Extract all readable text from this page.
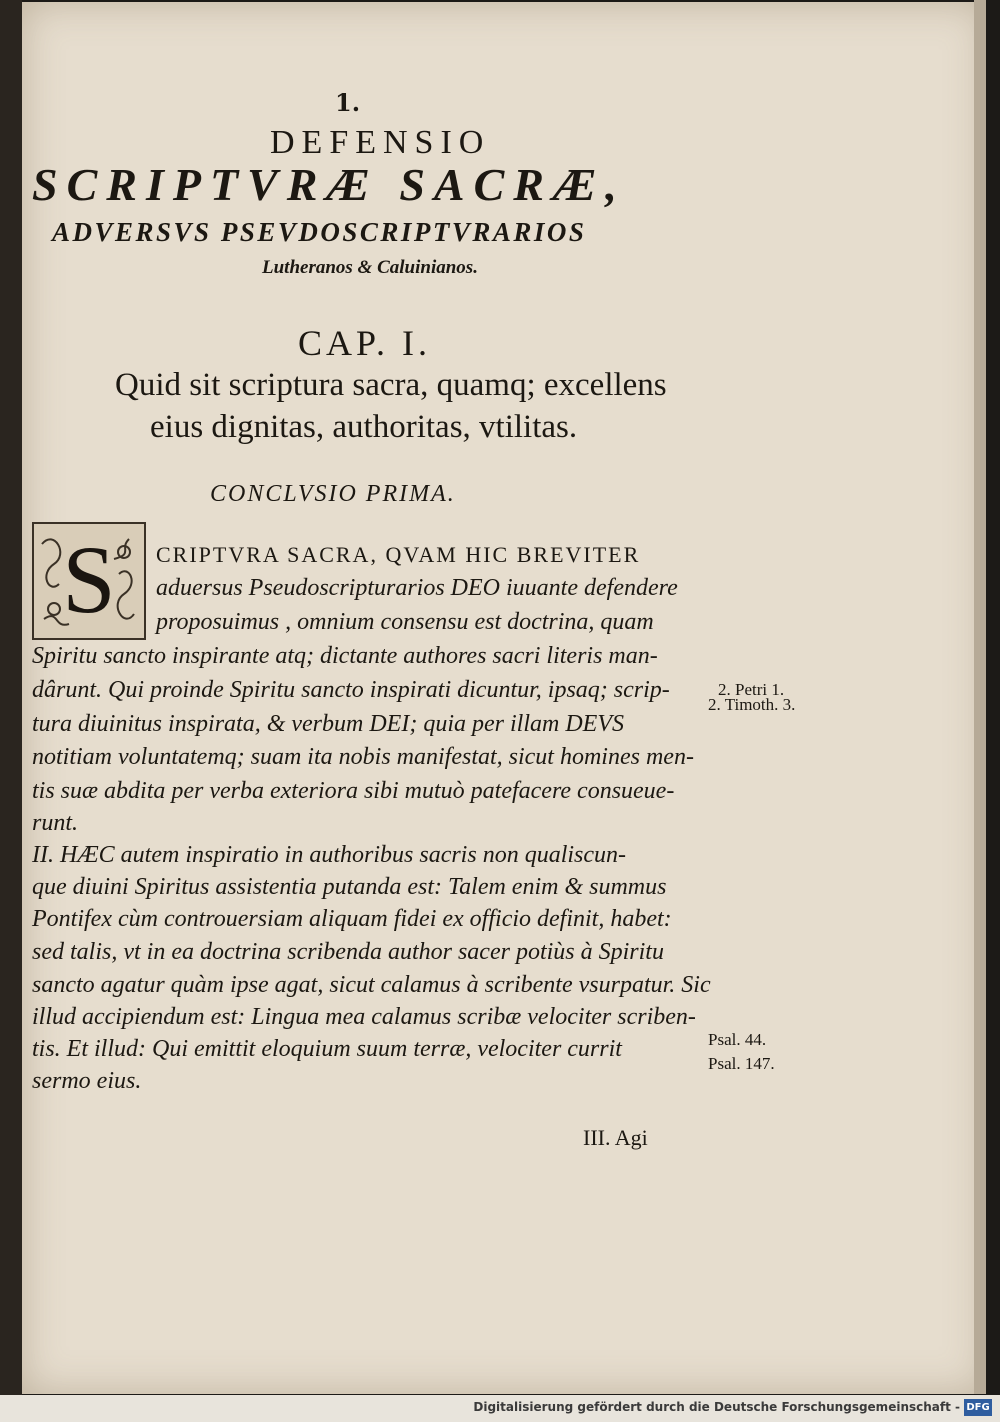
1.
DEFENSIO
SCRIPTVRÆ SACRÆ,
ADVERSVS PSEVDOSCRIPTVRARIOS
Lutheranos & Caluinianos.
CAP. I.
Quid sit scriptura sacra, quamq; excellens
eius dignitas, authoritas, vtilitas.
CONCLVSIO PRIMA.
S	CRIPTVRA SACRA, QVAM HIC BREVITER
aduersus Pseudoscripturarios DEO iuuante defendere
proposuimus , omnium consensu est doctrina, quam
Spiritu sancto inspirante atq; dictante authores sacri literis man-
dârunt. Qui proinde Spiritu sancto inspirati dicuntur, ipsaq; scrip-
tura diuinitus inspirata, & verbum DEI; quia per illam DEVS
notitiam voluntatemq; suam ita nobis manifestat, sicut homines men-
tis suæ abdita per verba exteriora sibi mutuò patefacere consueue-
runt.
II. HÆC autem inspiratio in authoribus sacris non qualiscun-
que diuini Spiritus assistentia putanda est: Talem enim & summus
Pontifex cùm controuersiam aliquam fidei ex officio definit, habet:
sed talis, vt in ea doctrina scribenda author sacer potiùs à Spiritu
sancto agatur quàm ipse agat, sicut calamus à scribente vsurpatur. Sic
illud accipiendum est: Lingua mea calamus scribæ velociter scriben-
tis. Et illud: Qui emittit eloquium suum terræ, velociter currit
sermo eius.
2. Petri 1.
2. Timoth. 3.
Psal. 44.
Psal. 147.
III. Agi
Digitalisierung gefördert durch die Deutsche Forschungsgemeinschaft - DFG
